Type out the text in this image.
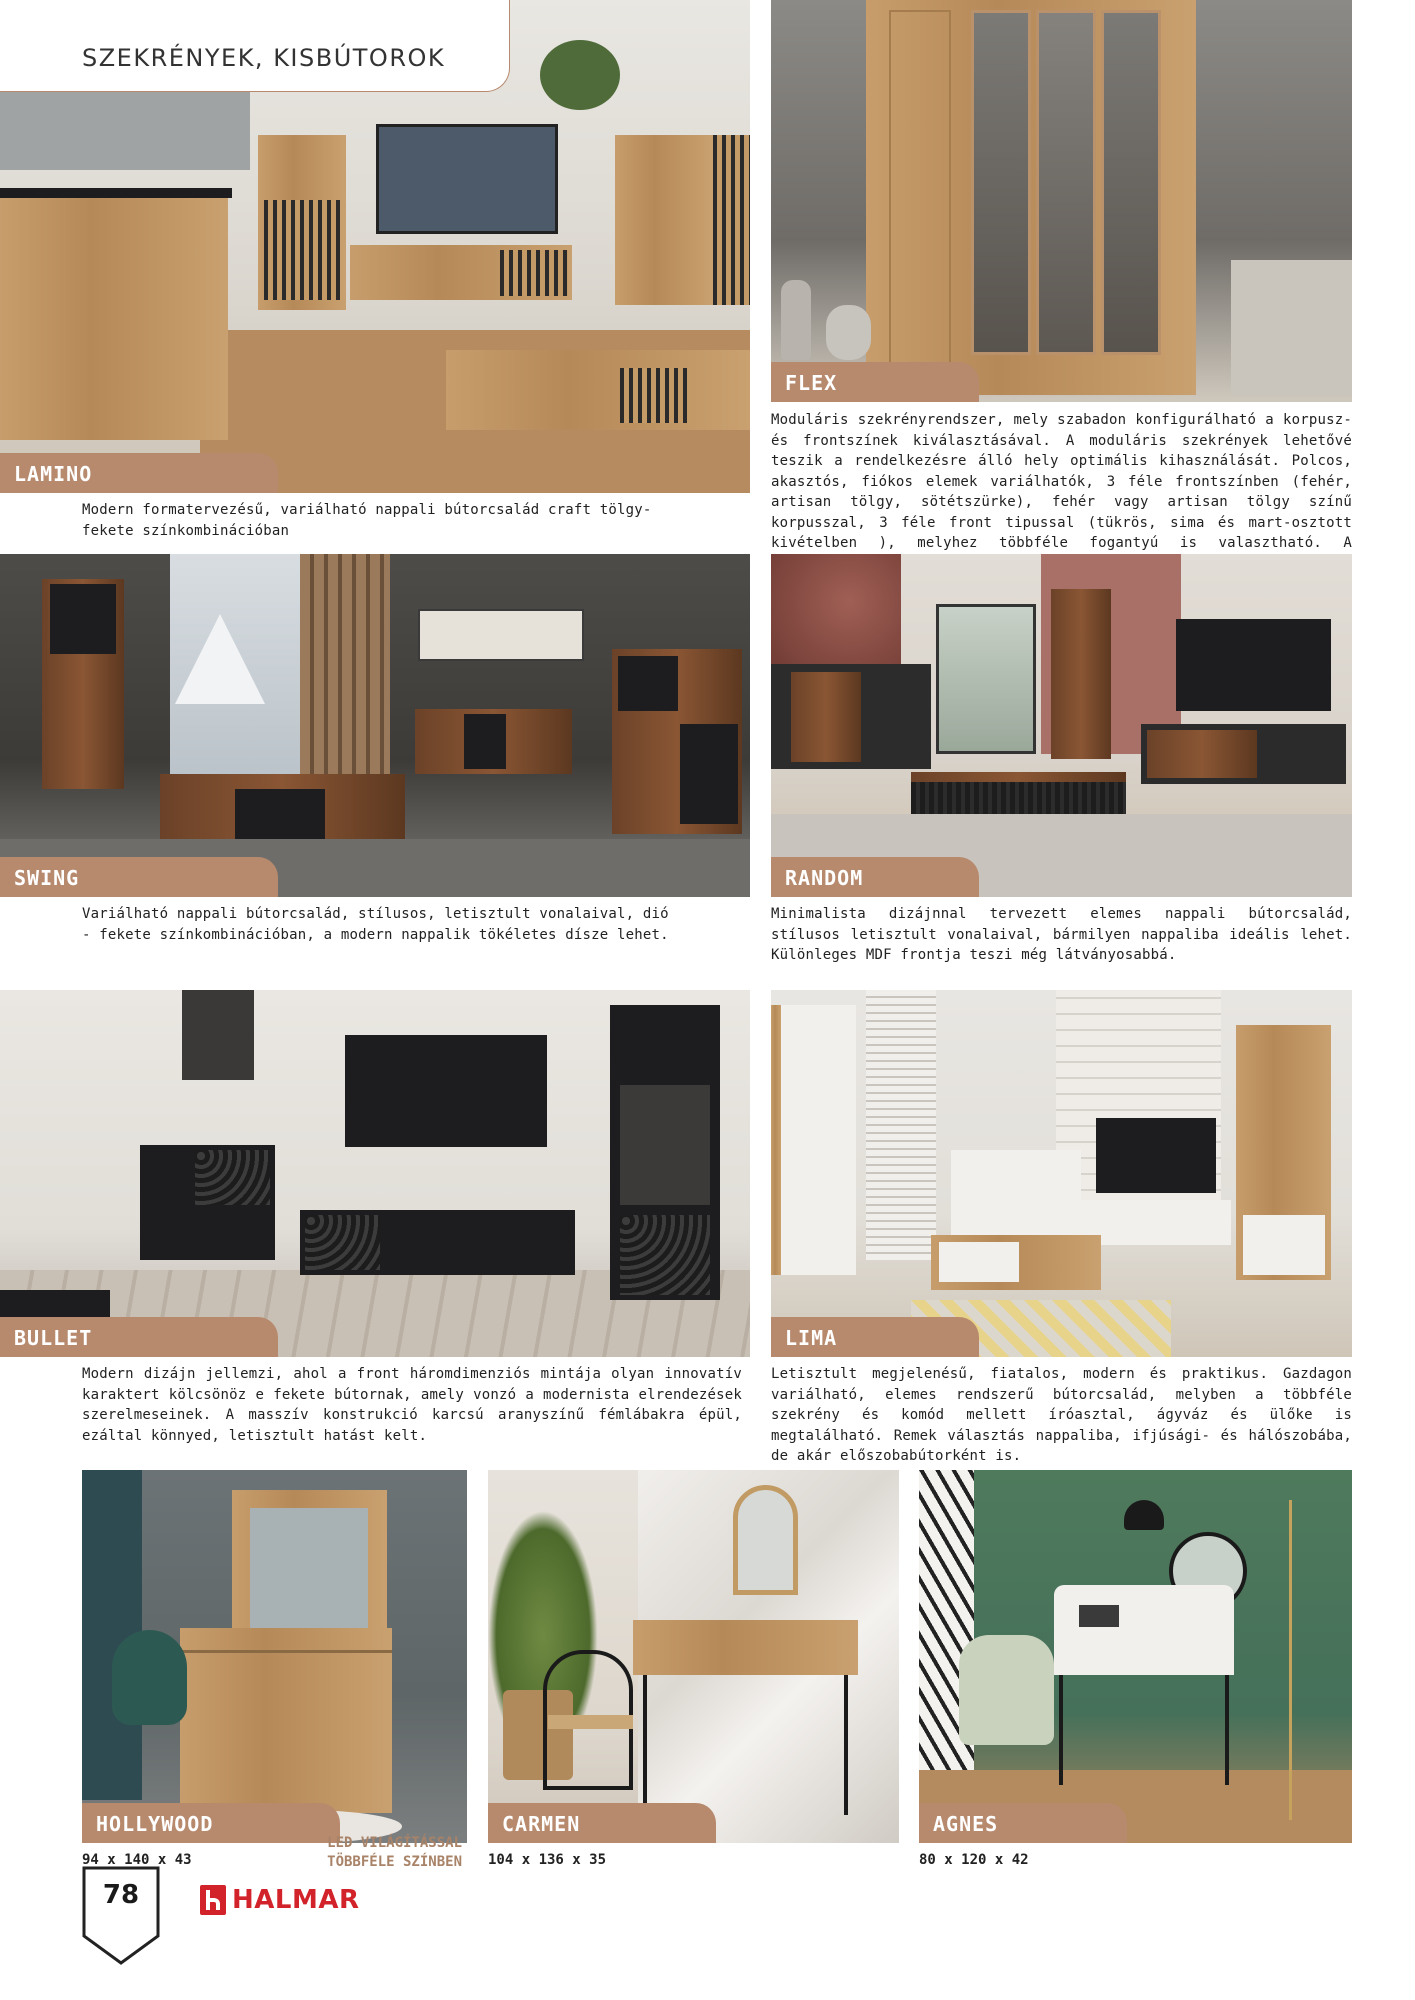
LAMINO
SZEKRÉNYEK, KISBÚTOROK
Modern formatervezésű, variálható nappali bútorcsalád craft tölgy-fekete színkombinációban
FLEX
Moduláris szekrényrendszer, mely szabadon konfigurálható a korpusz- és frontszínek kiválasztásával. A moduláris szekrények lehetővé teszik a rendelkezésre álló hely optimális kihasználását. Polcos, akasztós, fiókos elemek variálhatók, 3 féle frontszínben (fehér, artisan tölgy, sötétszürke), fehér vagy artisan tölgy színű korpusszal, 3 féle front tipussal (tükrös, sima és mart-osztott kivételben ), melyhez többféle fogantyú is valasztható. A
SWING
Variálható nappali bútorcsalád, stílusos, letisztult vonalaival, dió - fekete színkombinációban, a modern nappalik tökéletes dísze lehet.
RANDOM
Minimalista dizájnnal tervezett elemes nappali bútorcsalád, stílusos letisztult vonalaival, bármilyen nappaliba ideális lehet. Különleges MDF frontja teszi még látványosabbá.
BULLET
Modern dizájn jellemzi, ahol a front háromdimenziós mintája olyan innovatív karaktert kölcsönöz e fekete bútornak, amely vonzó a modernista elrendezések szerelmeseinek. A masszív konstrukció karcsú aranyszínű fémlábakra épül, ezáltal könnyed, letisztult hatást kelt.
LIMA
Letisztult megjelenésű, fiatalos, modern és praktikus. Gazdagon variálható, elemes rendszerű bútorcsalád, melyben a többféle szekrény és komód mellett íróasztal, ágyváz és ülőke is megtalálható. Remek választás nappaliba, ifjúsági- és hálószobába, de akár előszobabútorként is.
HOLLYWOOD
94 x 140 x 43
LED VILÁGÍTÁSSAL
TÖBBFÉLE SZÍNBEN
CARMEN
104 x 136 x 35
AGNES
80 x 120 x 42
78	HALMAR
